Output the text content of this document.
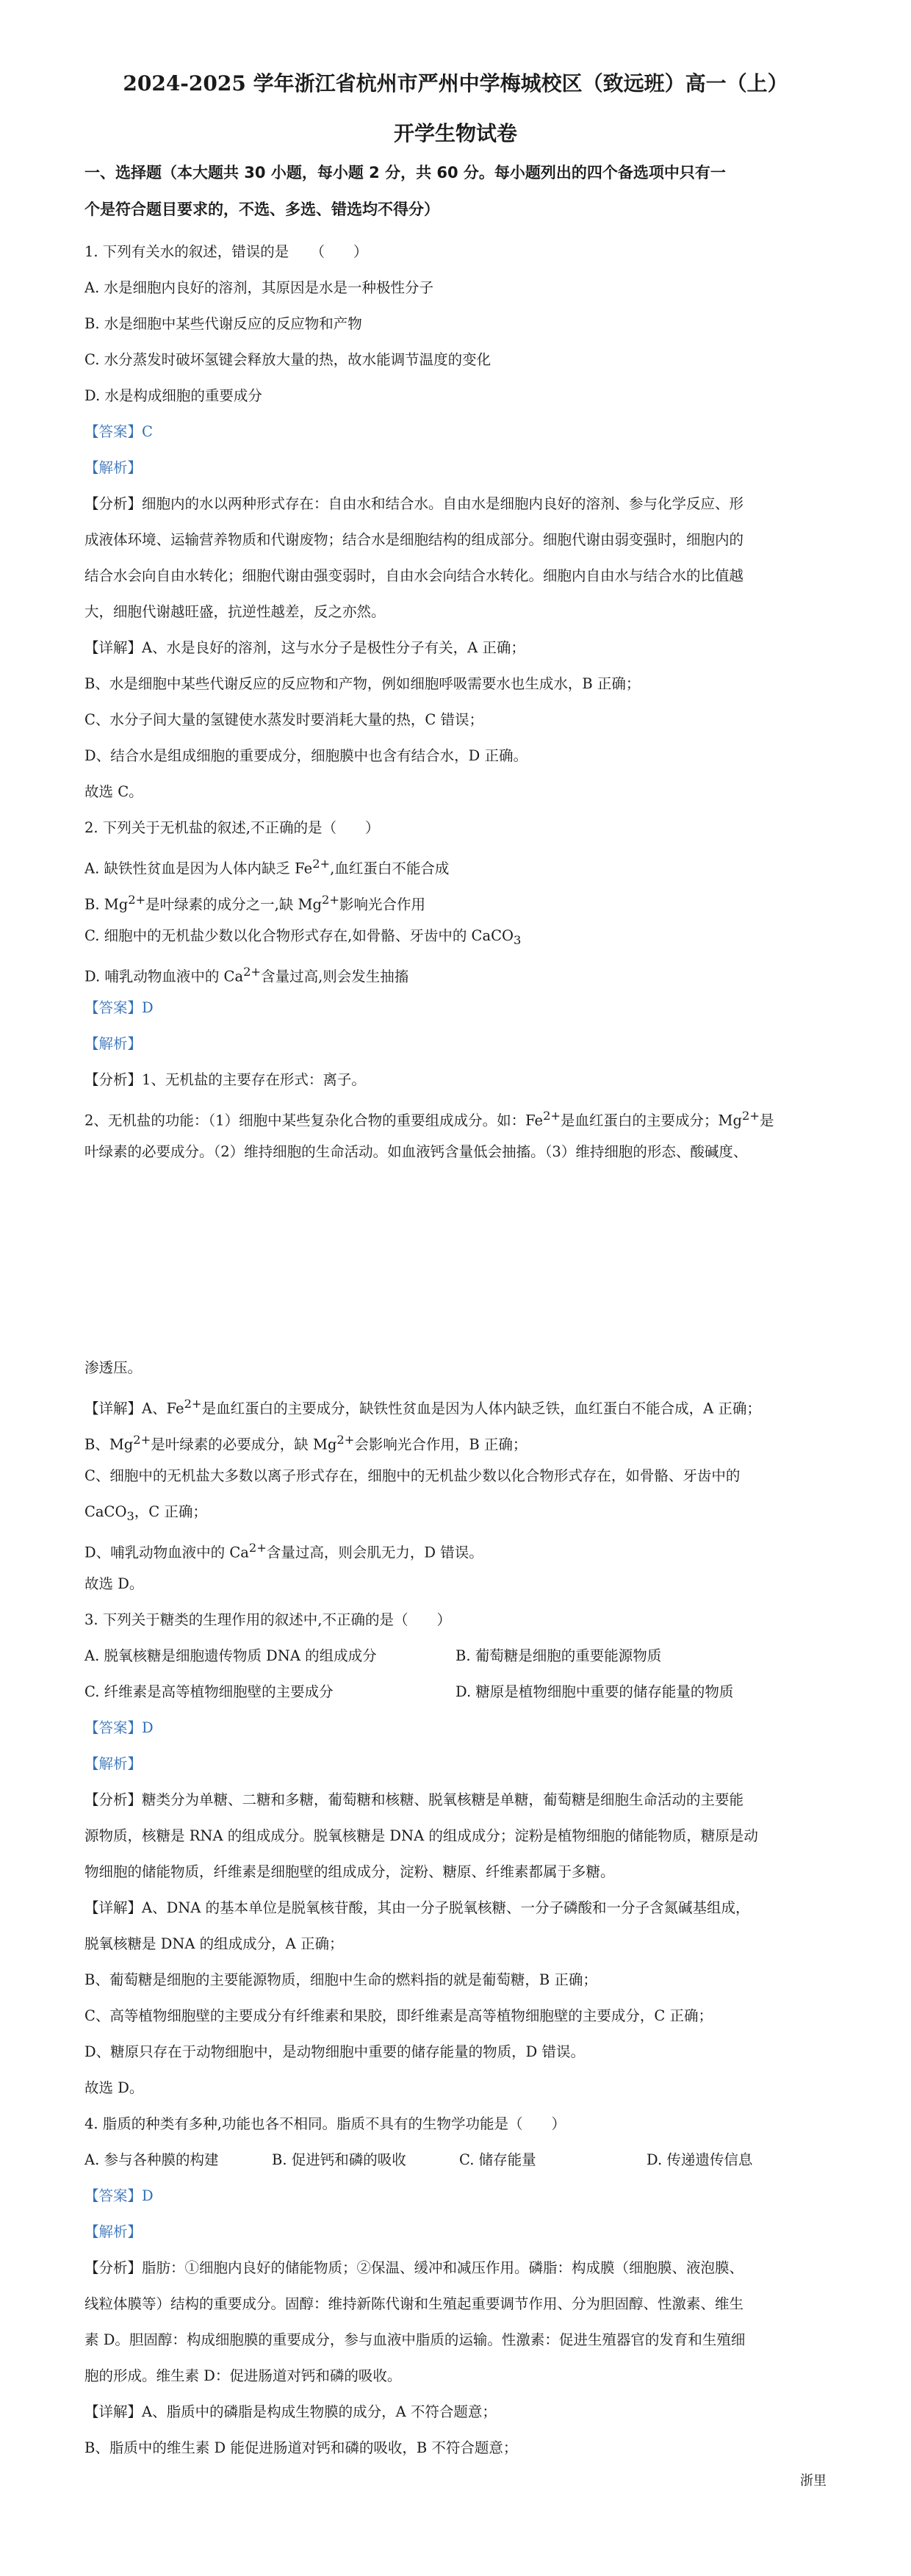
2024-2025 学年浙江省杭州市严州中学梅城校区（致远班）高一（上）
开学生物试卷
一、选择题（本大题共 30 小题，每小题 2 分，共 60 分。每小题列出的四个备选项中只有一
个是符合题目要求的，不选、多选、错选均不得分）
1. 下列有关水的叙述，错误的是　　（　　）
A. 水是细胞内良好的溶剂，其原因是水是一种极性分子
B. 水是细胞中某些代谢反应的反应物和产物
C. 水分蒸发时破坏氢键会释放大量的热，故水能调节温度的变化
D. 水是构成细胞的重要成分
【答案】C
【解析】
【分析】细胞内的水以两种形式存在：自由水和结合水。自由水是细胞内良好的溶剂、参与化学反应、形
成液体环境、运输营养物质和代谢废物；结合水是细胞结构的组成部分。细胞代谢由弱变强时，细胞内的
结合水会向自由水转化；细胞代谢由强变弱时，自由水会向结合水转化。细胞内自由水与结合水的比值越
大，细胞代谢越旺盛，抗逆性越差，反之亦然。
【详解】A、水是良好的溶剂，这与水分子是极性分子有关，A 正确；
B、水是细胞中某些代谢反应的反应物和产物，例如细胞呼吸需要水也生成水，B 正确；
C、水分子间大量的氢键使水蒸发时要消耗大量的热，C 错误；
D、结合水是组成细胞的重要成分，细胞膜中也含有结合水，D 正确。
故选 C。
2. 下列关于无机盐的叙述,不正确的是（　　）
A. 缺铁性贫血是因为人体内缺乏 $Fe^{2+}$,血红蛋白不能合成
B. $Mg^{2+}$是叶绿素的成分之一,缺 $Mg^{2+}$影响光合作用
C. 细胞中的无机盐少数以化合物形式存在,如骨骼、牙齿中的 CaCO$_3$
D. 哺乳动物血液中的 $Ca^{2+}$含量过高,则会发生抽搐
【答案】D
【解析】
【分析】1、无机盐的主要存在形式：离子。
2、无机盐的功能：（1）细胞中某些复杂化合物的重要组成成分。如：$Fe^{2+}$是血红蛋白的主要成分；$Mg^{2+}$是
叶绿素的必要成分。（2）维持细胞的生命活动。如血液钙含量低会抽搐。（3）维持细胞的形态、酸碱度、
渗透压。
【详解】A、$Fe^{2+}$是血红蛋白的主要成分，缺铁性贫血是因为人体内缺乏铁，血红蛋白不能合成，A 正确；
B、$Mg^{2+}$是叶绿素的必要成分，缺 $Mg^{2+}$会影响光合作用，B 正确；
C、细胞中的无机盐大多数以离子形式存在，细胞中的无机盐少数以化合物形式存在，如骨骼、牙齿中的
CaCO$_3$，C 正确；
D、哺乳动物血液中的 $Ca^{2+}$含量过高，则会肌无力，D 错误。
故选 D。
3. 下列关于糖类的生理作用的叙述中,不正确的是（　　）
A. 脱氧核糖是细胞遗传物质 DNA 的组成成分	B. 葡萄糖是细胞的重要能源物质
C. 纤维素是高等植物细胞壁的主要成分	D. 糖原是植物细胞中重要的储存能量的物质
【答案】D
【解析】
【分析】糖类分为单糖、二糖和多糖，葡萄糖和核糖、脱氧核糖是单糖，葡萄糖是细胞生命活动的主要能
源物质，核糖是 RNA 的组成成分。脱氧核糖是 DNA 的组成成分；淀粉是植物细胞的储能物质，糖原是动
物细胞的储能物质，纤维素是细胞壁的组成成分，淀粉、糖原、纤维素都属于多糖。
【详解】A、DNA 的基本单位是脱氧核苷酸，其由一分子脱氧核糖、一分子磷酸和一分子含氮碱基组成，
脱氧核糖是 DNA 的组成成分，A 正确；
B、葡萄糖是细胞的主要能源物质，细胞中生命的燃料指的就是葡萄糖，B 正确；
C、高等植物细胞壁的主要成分有纤维素和果胶，即纤维素是高等植物细胞壁的主要成分，C 正确；
D、糖原只存在于动物细胞中，是动物细胞中重要的储存能量的物质，D 错误。
故选 D。
4. 脂质的种类有多种,功能也各不相同。脂质不具有的生物学功能是（　　）
A. 参与各种膜的构建	B. 促进钙和磷的吸收	C. 储存能量	D. 传递遗传信息
【答案】D
【解析】
【分析】脂肪：①细胞内良好的储能物质；②保温、缓冲和减压作用。磷脂：构成膜（细胞膜、液泡膜、
线粒体膜等）结构的重要成分。固醇：维持新陈代谢和生殖起重要调节作用、分为胆固醇、性激素、维生
素 D。胆固醇：构成细胞膜的重要成分，参与血液中脂质的运输。性激素：促进生殖器官的发育和生殖细
胞的形成。维生素 D：促进肠道对钙和磷的吸收。
【详解】A、脂质中的磷脂是构成生物膜的成分，A 不符合题意；
B、脂质中的维生素 D 能促进肠道对钙和磷的吸收，B 不符合题意；
浙里
